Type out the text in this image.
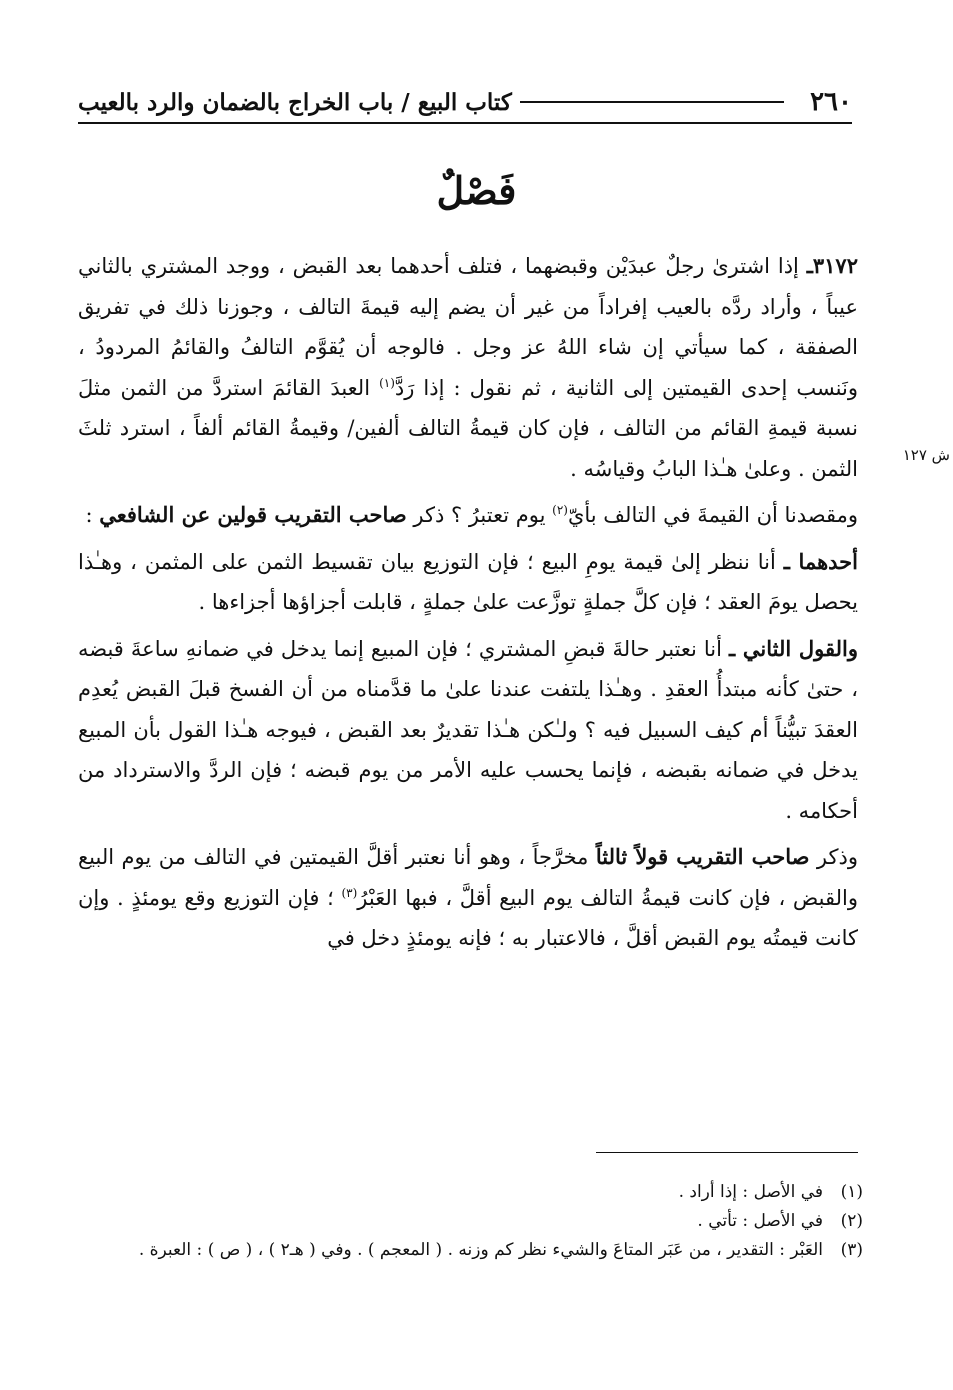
٢٦٠
كتاب البيع / باب الخراج بالضمان والرد بالعيب
فَصْلٌ
ش ١٢٧

٣١٧٢ـ إذا اشترىٰ رجلٌ عبدَيْن وقبضهما ، فتلف أحدهما بعد القبض ، ووجد المشتري بالثاني عيباً ، وأراد ردَّه بالعيب إفراداً من غير أن يضم إليه قيمةَ التالف ، وجوزنا ذلك في تفريق الصفقة ، كما سيأتي إن شاء اللهُ عز وجل . فالوجه أن يُقوَّم التالفُ والقائمُ المردودُ ، ونَنسب إحدى القيمتين إلى الثانية ، ثم نقول : إذا رَدَّ$^{(١)}$ العبدَ القائمَ استردَّ من الثمن مثلَ نسبة قيمةِ القائم من التالف ، فإن كان قيمةُ التالف ألفين/ وقيمةُ القائم ألفاً ، استرد ثلثَ الثمن . وعلىٰ هـٰذا البابُ وقياسُه .

ومقصدنا أن القيمةَ في التالف بأيّ$^{(٢)}$ يوم تعتبرُ ؟ ذكر صاحب التقريب قولين عن الشافعي :

أحدهما ـ أنا ننظر إلىٰ قيمة يومِ البيع ؛ فإن التوزيع بيان تقسيط الثمن على المثمن ، وهـٰذا يحصل يومَ العقد ؛ فإن كلَّ جملةٍ توزَّعت علىٰ جملةٍ ، قابلت أجزاؤها أجزاءها .

والقول الثاني ـ أنا نعتبر حالةَ قبضِ المشتري ؛ فإن المبيع إنما يدخل في ضمانهِ ساعةَ قبضه ، حتىٰ كأنه مبتدأُ العقدِ . وهـٰذا يلتفت عندنا علىٰ ما قدَّمناه من أن الفسخ قبلَ القبض يُعدِم العقدَ تبيُّناً أم كيف السبيل فيه ؟ ولـٰكن هـٰذا تقديرٌ بعد القبض ، فيوجه هـٰذا القول بأن المبيع يدخل في ضمانه بقبضه ، فإنما يحسب عليه الأمر من يوم قبضه ؛ فإن الردَّ والاسترداد من أحكامه .

وذكر صاحب التقريب قولاً ثالثاً مخرَّجاً ، وهو أنا نعتبر أقلَّ القيمتين في التالف من يوم البيع والقبض ، فإن كانت قيمةُ التالف يوم البيع أقلَّ ، فبها العَبْرُ$^{(٣)}$ ؛ فإن التوزيع وقع يومئذٍ . وإن كانت قيمتُه يوم القبض أقلَّ ، فالاعتبار به ؛ فإنه يومئذٍ دخل في

(١)
في الأصل : إذا أراد .
(٢)
في الأصل : تأتي .
(٣)
العَبْر : التقدير ، من عَبَر المتاعَ والشيء نظر كم وزنه . ( المعجم ) . وفي ( هـ٢ ) ، ( ص ) : العبرة .
